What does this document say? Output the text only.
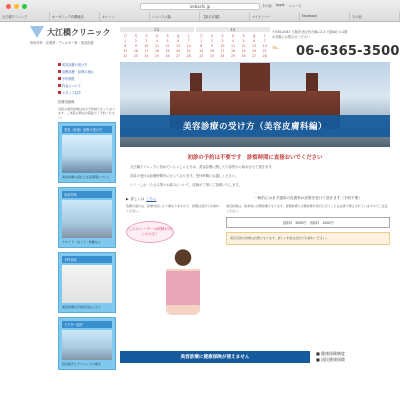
oebashi.jp	その他 Apple ニュース
大江橋クリニック	オーガニック有機栽培	キャノン	ニュース大阪	【楽天市場】	マイナンバー	Facebook	その他
大江橋クリニック
形成外科・皮膚科・アレルギー科・美容皮膚
2月
日	月	火	水	木	金	土
1	2	3	4	5	6	7
8	9	10	11	12	13	14
15	16	17	18	19	20	21
22	23	24	25	26	27	28
3月
日	月	火	水	木	金	土
1	2	3	4	5	6	7
8	9	10	11	12	13	14
15	16	17	18	19	20	21
22	23	24	25	26	27	28
〒530-0047 大阪市北区西天満1-2-5 大阪JAビル1階
お気軽にお問合せください
TEL: 06-6365-3500
美容診療の受け方
治療診療・診察の流れ
予約制度
料金について
スタッフ紹介
医療用画像
当院の美容診療は完全予約制となっております。ご来院の際はお電話でご予約ください。
美容（形成）診察の受け方
美容診療の流れと注意事項について
形成外科
ケロイド・ほくろ・粉瘤など
予約状況
美容診療の予約状況はこちら
ドクター紹介
院長紹介とクリニックの理念
美容診療の受け方（美容皮膚科編）
初診の予約は不要です　診察時間に直接おいでください
大江橋クリニックに初めていらっしゃる方は、美容診療に関しての診察から始めさせて頂きます。
初診の受付は診療時間内に行っております。受付時間にお越しください。
シミ・しわ・たるみ等のお悩みについて、医師が丁寧にご説明いたします。
▶ 詳しくは こちら
治療の流れは、診療内容により異なりますので、詳細は受付でお尋ねください。
しみのレーザーは保険が効くのかな？
一般的にはまず通常の皮膚科の診察を受けて頂きます（予約不要）
美容診療は、基本的に自費診療となります。保険診療と自費診療を同日に行うことは法律で禁止されていますのでご注意ください。
初診料　3000円　再診料　1000円
美容目的の治療は自費となります。詳しい料金は受付でお尋ねください。
美容診療に健康保険が使えません
■ 健康保険制度
■ 国民健康保険
